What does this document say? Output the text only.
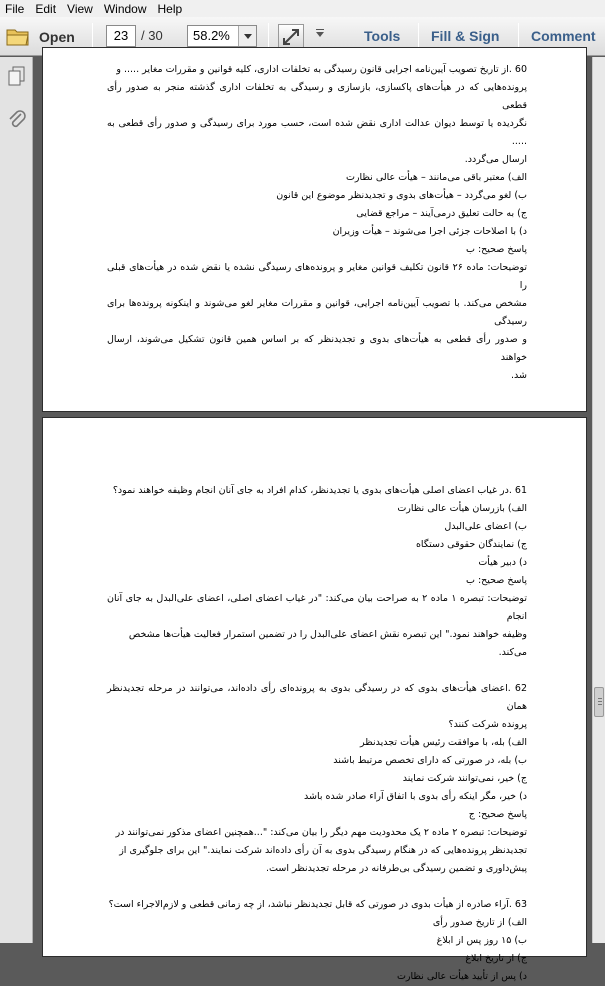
File Edit View Window Help
Open	23 / 30	58.2%	Tools Fill & Sign Comment

60 .از تاریخ تصویب آیین‌نامه اجرایی قانون رسیدگی به تخلفات اداری، کلیه قوانین و مقررات مغایر ..... و

پرونده‌هایی که در هیأت‌های پاکسازی، بازسازی و رسیدگی به تخلفات اداری گذشته منجر به صدور رأی قطعی

نگردیده یا توسط دیوان عدالت اداری نقض شده است، حسب مورد برای رسیدگی و صدور رأی قطعی به .....

ارسال می‌گردد.

الف) معتبر باقی می‌مانند – هیأت عالی نظارت

ب) لغو می‌گردد – هیأت‌های بدوی و تجدیدنظر موضوع این قانون

ج) به حالت تعلیق درمی‌آیند – مراجع قضایی

د) با اصلاحات جزئی اجرا می‌شوند – هیأت وزیران

پاسخ صحیح: ب

توضیحات: ماده ۲۶ قانون تکلیف قوانین مغایر و پرونده‌های رسیدگی نشده یا نقض شده در هیأت‌های قبلی را

مشخص می‌کند. با تصویب آیین‌نامه اجرایی، قوانین و مقررات مغایر لغو می‌شوند و اینکونه پرونده‌ها برای رسیدگی

و صدور رأی قطعی به هیأت‌های بدوی و تجدیدنظر که بر اساس همین قانون تشکیل می‌شوند، ارسال خواهند

شد.

61 .در غیاب اعضای اصلی هیأت‌های بدوی یا تجدیدنظر، کدام افراد به جای آنان انجام وظیفه خواهند نمود؟

الف) بازرسان هیأت عالی نظارت

ب) اعضای علی‌البدل

ج) نمایندگان حقوقی دستگاه

د) دبیر هیأت

پاسخ صحیح: ب

توضیحات: تبصره ۱ ماده ۲ به صراحت بیان می‌کند: "در غیاب اعضای اصلی، اعضای علی‌البدل به جای آنان انجام

وظیفه خواهند نمود." این تبصره نقش اعضای علی‌البدل را در تضمین استمرار فعالیت هیأت‌ها مشخص می‌کند.

62 .اعضای هیأت‌های بدوی که در رسیدگی بدوی به پرونده‌ای رأی داده‌اند، می‌توانند در مرحله تجدیدنظر همان

پرونده شرکت کنند؟

الف) بله، با موافقت رئیس هیأت تجدیدنظر

ب) بله، در صورتی که دارای تخصص مرتبط باشند

ج) خیر، نمی‌توانند شرکت نمایند

د) خیر، مگر اینکه رأی بدوی با اتفاق آراء صادر شده باشد

پاسخ صحیح: ج

توضیحات: تبصره ۲ ماده ۲ یک محدودیت مهم دیگر را بیان می‌کند: "...همچنین اعضای مذکور نمی‌توانند در

تجدیدنظر پرونده‌هایی که در هنگام رسیدگی بدوی به آن رأی داده‌اند شرکت نمایند." این برای جلوگیری از

پیش‌داوری و تضمین رسیدگی بی‌طرفانه در مرحله تجدیدنظر است.

63 .آراء صادره از هیأت بدوی در صورتی که قابل تجدیدنظر نباشد، از چه زمانی قطعی و لازم‌الاجراء است؟

الف) از تاریخ صدور رأی

ب) ۱۵ روز پس از ابلاغ

ج) از تاریخ ابلاغ

د) پس از تأیید هیأت عالی نظارت
